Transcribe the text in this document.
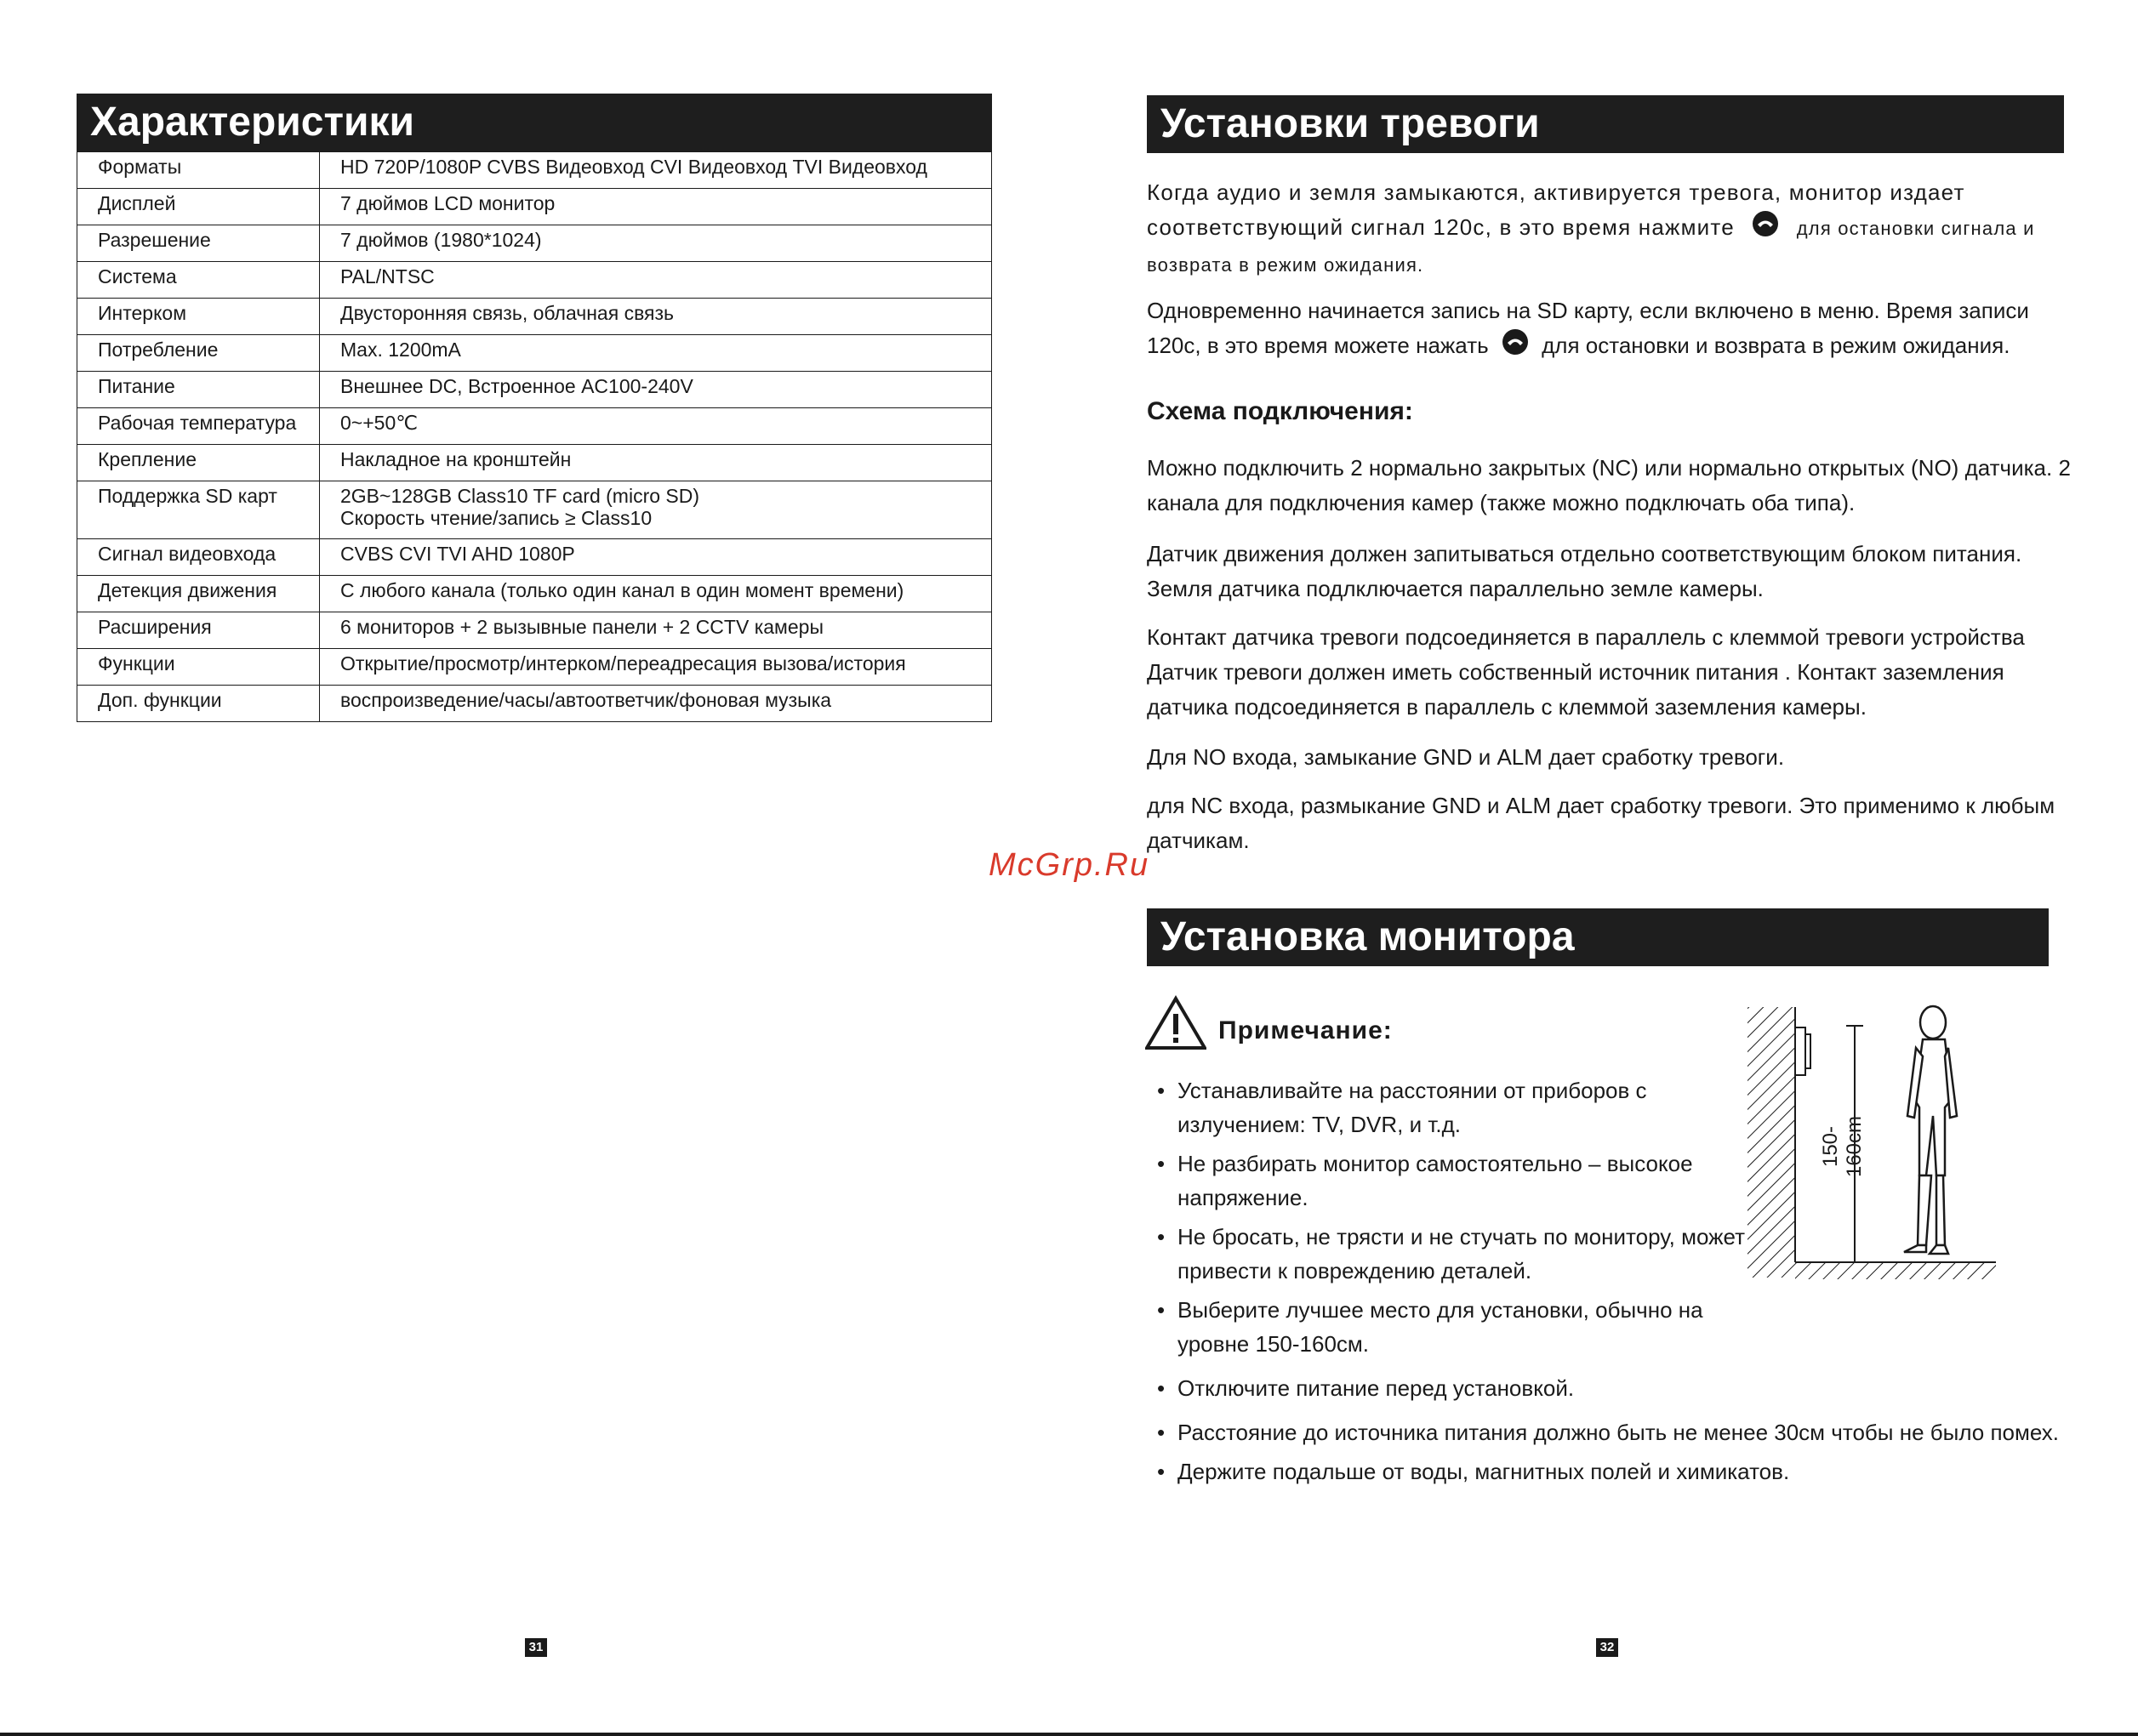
Характеристики
Форматы	HD 720P/1080P CVBS Видеовход CVI Видеовход TVI Видеовход
Дисплей	7 дюймов LCD монитор
Разрешение	7 дюймов (1980*1024)
Система	PAL/NTSC
Интерком	Двусторонняя связь, облачная связь
Потребление	Max. 1200mA
Питание	Внешнее DC, Встроенное AC100-240V
Рабочая температура	0~+50℃
Крепление	Накладное на кронштейн
Поддержка SD карт	2GB~128GB Class10 TF card (micro SD)
Скорость чтение/запись ≥ Class10

Сигнал видеовхода	CVBS CVI TVI AHD 1080P
Детекция движения	С любого канала (только один канал в один момент времени)
Расширения	6 мониторов + 2 вызывные панели + 2 CCTV камеры
Функции	Открытие/просмотр/интерком/переадресация вызова/история
Доп. функции	воспроизведение/часы/автоответчик/фоновая музыка
31
Установки тревоги
Когда аудио и земля замыкаются, активируется тревога, монитор издает
соответствующий сигнал 120с, в это время нажмите	для остановки сигнала и
возврата в режим ожидания.
Одновременно начинается запись на SD карту, если включено в меню. Время записи
120с, в это время можете нажать для остановки и возврата в режим ожидания.
Схема подключения:
Можно подключить 2 нормально закрытых (NC) или нормально открытых (NO) датчика. 2 канала для подключения камер (также можно подключать оба типа).
Датчик движения должен запитываться отдельно соответствующим блоком питания. Земля датчика подлключается параллельно земле камеры.
Контакт датчика тревоги подсоединяется в параллель с клеммой тревоги устройства Датчик тревоги должен иметь собственный источник питания . Контакт заземления датчика подсоединяется в параллель с клеммой заземления камеры.
Для NO входа, замыкание GND и ALM дает сработку тревоги.
для NC входа, размыкание GND и ALM дает сработку тревоги. Это применимо к любым датчикам.
McGrp.Ru
Установка монитора
Примечание:
• Устанавливайте на расстоянии от приборов с излучением: TV, DVR, и т.д.
• Не разбирать монитор самостоятельно – высокое напряжение.
• Не бросать, не трясти и не стучать по монитору, может привести к повреждению деталей.
• Выберите лучшее место для установки, обычно на уровне 150-160см.
• Отключите питание перед установкой.
• Расстояние до источника питания должно быть не менее 30см чтобы не было помех.
• Держите подальше от воды, магнитных полей и химикатов.
150-160cm
32
